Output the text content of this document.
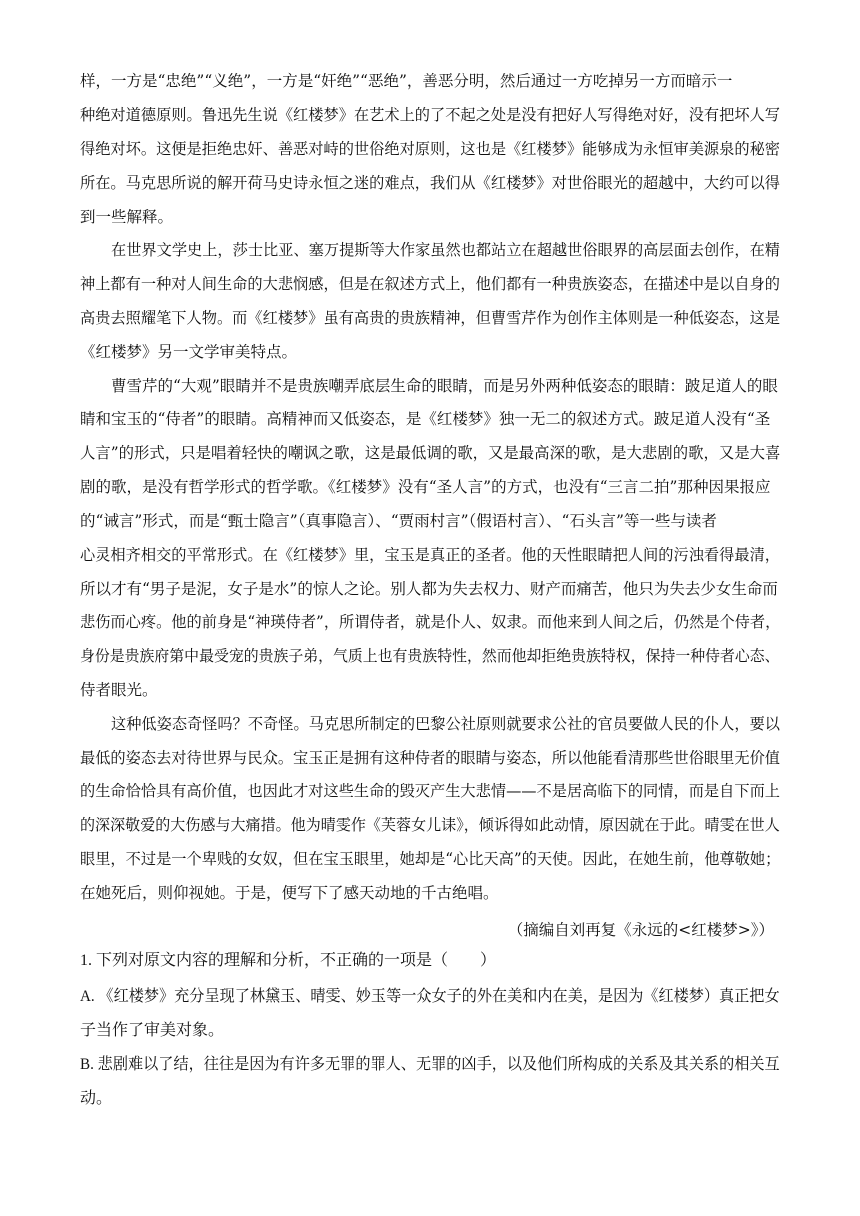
样，一方是“忠绝”“义绝”，一方是“奸绝”“恶绝”，善恶分明，然后通过一方吃掉另一方而暗示一
种绝对道德原则。鲁迅先生说《红楼梦》在艺术上的了不起之处是没有把好人写得绝对好，没有把坏人写
得绝对坏。这便是拒绝忠奸、善恶对峙的世俗绝对原则，这也是《红楼梦》能够成为永恒审美源泉的秘密
所在。马克思所说的解开荷马史诗永恒之迷的难点，我们从《红楼梦》对世俗眼光的超越中，大约可以得
到一些解释。
在世界文学史上，莎士比亚、塞万提斯等大作家虽然也都站立在超越世俗眼界的高层面去创作，在精
神上都有一种对人间生命的大悲悯感，但是在叙述方式上，他们都有一种贵族姿态，在描述中是以自身的
高贵去照耀笔下人物。而《红楼梦》虽有高贵的贵族精神，但曹雪芹作为创作主体则是一种低姿态，这是
《红楼梦》另一文学审美特点。
曹雪芹的“大观”眼睛并不是贵族嘲弄底层生命的眼睛，而是另外两种低姿态的眼睛：跛足道人的眼
睛和宝玉的“侍者”的眼睛。高精神而又低姿态，是《红楼梦》独一无二的叙述方式。跛足道人没有“圣
人言”的形式，只是唱着轻快的嘲讽之歌，这是最低调的歌，又是最高深的歌，是大悲剧的歌，又是大喜
剧的歌，是没有哲学形式的哲学歌。《红楼梦》没有“圣人言”的方式，也没有“三言二拍”那种因果报应
的“诫言”形式，而是“甄士隐言”（真事隐言）、“贾雨村言”（假语村言）、“石头言”等一些与读者
心灵相齐相交的平常形式。在《红楼梦》里，宝玉是真正的圣者。他的天性眼睛把人间的污浊看得最清，
所以才有“男子是泥，女子是水”的惊人之论。别人都为失去权力、财产而痛苦，他只为失去少女生命而
悲伤而心疼。他的前身是“神瑛侍者”，所谓侍者，就是仆人、奴隶。而他来到人间之后，仍然是个侍者，
身份是贵族府第中最受宠的贵族子弟，气质上也有贵族特性，然而他却拒绝贵族特权，保持一种侍者心态、
侍者眼光。
这种低姿态奇怪吗？不奇怪。马克思所制定的巴黎公社原则就要求公社的官员要做人民的仆人，要以
最低的姿态去对待世界与民众。宝玉正是拥有这种侍者的眼睛与姿态，所以他能看清那些世俗眼里无价值
的生命恰恰具有高价值，也因此才对这些生命的毁灭产生大悲情——不是居高临下的同情，而是自下而上
的深深敬爱的大伤感与大痛措。他为晴雯作《芙蓉女儿诔》，倾诉得如此动情，原因就在于此。晴雯在世人
眼里，不过是一个卑贱的女奴，但在宝玉眼里，她却是“心比天高”的天使。因此，在她生前，他尊敬她；
在她死后，则仰视她。于是，便写下了感天动地的千古绝唱。
（摘编自刘再复《永远的<红楼梦>》）
1. 下列对原文内容的理解和分析，不正确的一项是（　　）
A. 《红楼梦》充分呈现了林黛玉、晴雯、妙玉等一众女子的外在美和内在美，是因为《红楼梦）真正把女
子当作了审美对象。
B. 悲剧难以了结，往往是因为有许多无罪的罪人、无罪的凶手，以及他们所构成的关系及其关系的相关互
动。
